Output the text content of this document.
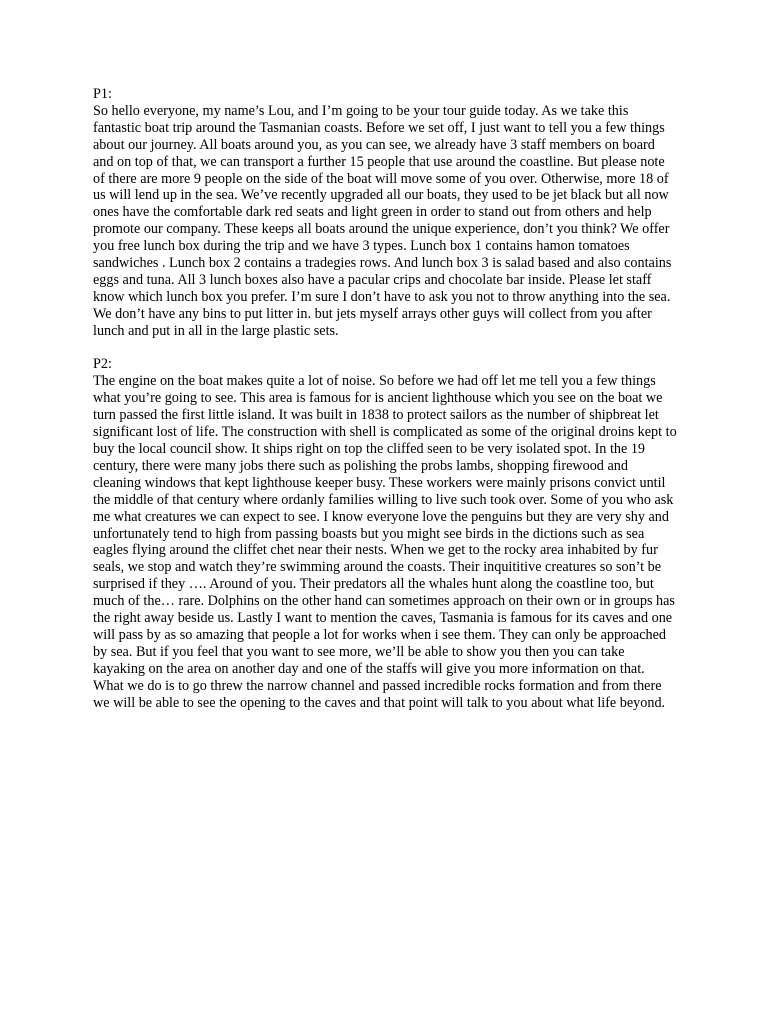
P1:

So hello everyone, my name’s Lou, and I’m going to be your tour guide today. As we take this fantastic boat trip around the Tasmanian coasts. Before we set off, I just want to tell you a few things about our journey. All boats around you, as you can see, we already have 3 staff members on board and on top of that, we can transport a further 15 people that use around the coastline. But please note of there are more 9 people on the side of the boat will move some of you over. Otherwise, more 18 of us will lend up in the sea. We’ve recently upgraded all our boats, they used to be jet black but all now ones have the comfortable dark red seats and light green in order to stand out from others and help promote our company. These keeps all boats around the unique experience, don’t you think? We offer you free lunch box during the trip and we have 3 types. Lunch box 1 contains hamon tomatoes sandwiches . Lunch box 2 contains a tradegies rows. And lunch box 3 is salad based and also contains eggs and tuna. All 3 lunch boxes also have a pacular crips and chocolate bar inside. Please let staff know which lunch box you prefer. I’m sure I don’t have to ask you not to throw anything into the sea. We don’t have any bins to put litter in. but jets myself arrays other guys will collect from you after lunch and put in all in the large plastic sets.

P2:

The engine on the boat makes quite a lot of noise. So before we had off let me tell you a few things what you’re going to see. This area is famous for is ancient lighthouse which you see on the boat we turn passed the first little island. It was built in 1838 to protect sailors as the number of shipbreat let significant lost of life. The construction with shell is complicated as some of the original droins kept to buy the local council show. It ships right on top the cliffed seen to be very isolated spot. In the 19 century, there were many jobs there such as polishing the probs lambs, shopping firewood and cleaning windows that kept lighthouse keeper busy. These workers were mainly prisons convict until the middle of that century where ordanly families willing to live such took over. Some of you who ask me what creatures we can expect to see. I know everyone love the penguins but they are very shy and unfortunately tend to high from passing boasts but you might see birds in the dictions such as sea eagles flying around the cliffet chet near their nests. When we get to the rocky area inhabited by fur seals, we stop and watch they’re swimming around the coasts. Their inquititive creatures so son’t be surprised if they …. Around of you. Their predators all the whales hunt along the coastline too, but much of the… rare. Dolphins on the other hand can sometimes approach on their own or in groups has the right away beside us. Lastly I want to mention the caves, Tasmania is famous for its caves and one will pass by as so amazing that people a lot for works when i see them. They can only be approached by sea. But if you feel that you want to see more, we’ll be able to show you then you can take kayaking on the area on another day and one of the staffs will give you more information on that. What we do is to go threw the narrow channel and passed incredible rocks formation and from there we will be able to see the opening to the caves and that point will talk to you about what life beyond.
